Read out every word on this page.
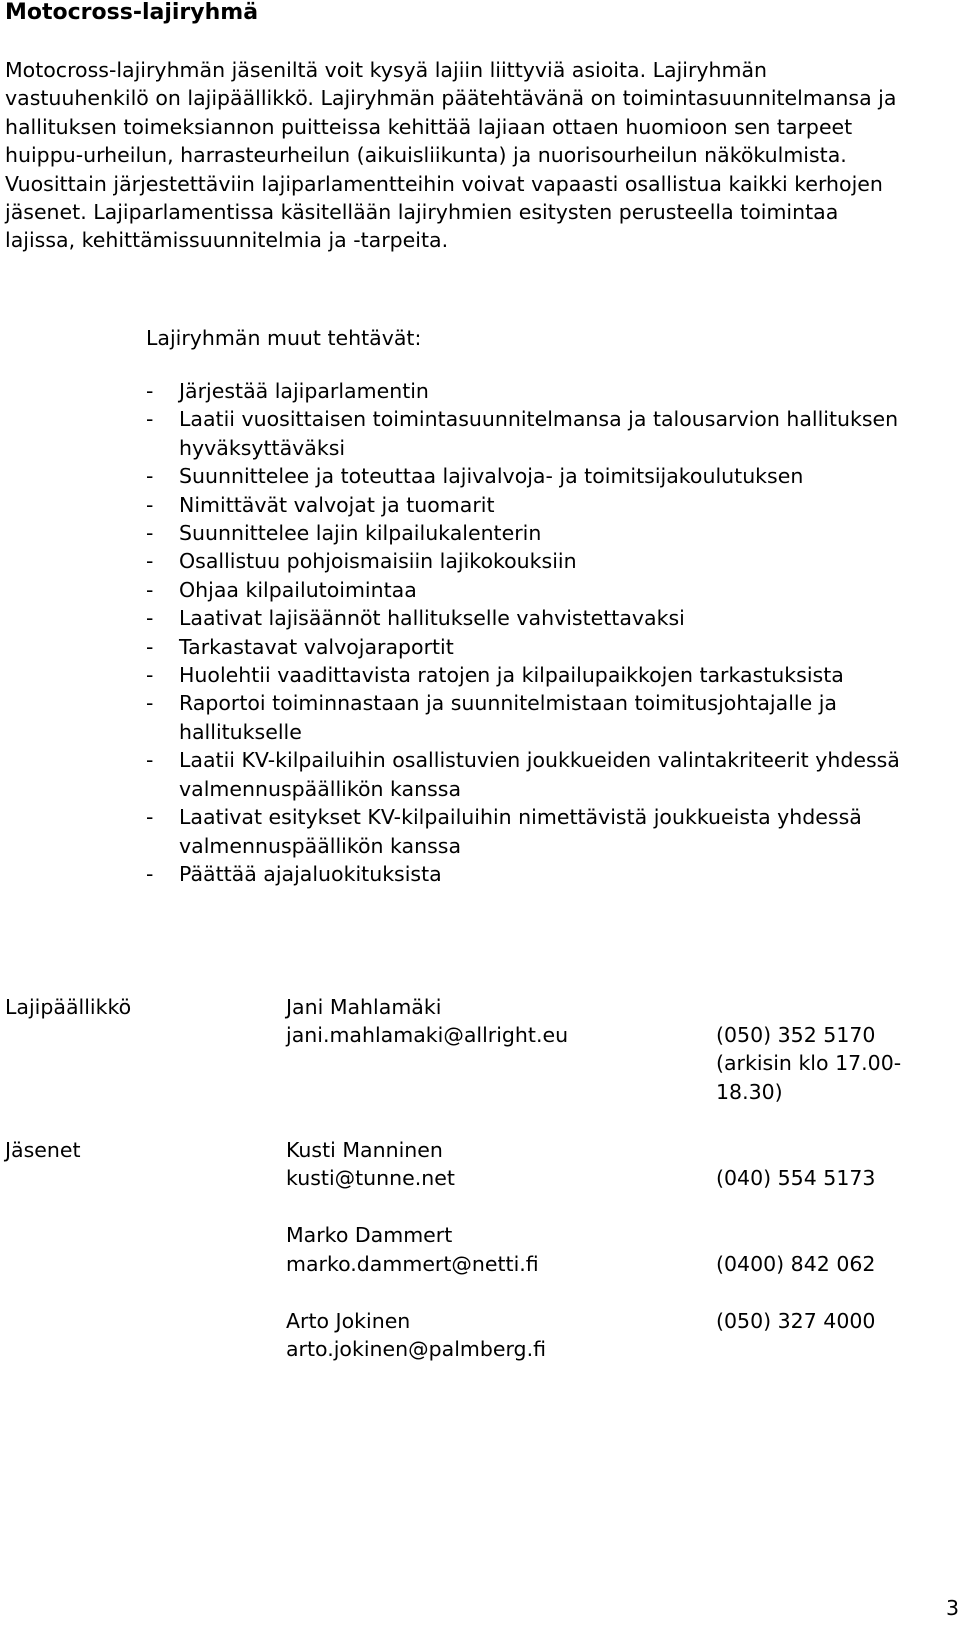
Motocross-lajiryhmä

Motocross-lajiryhmän jäseniltä voit kysyä lajiin liittyviä asioita. Lajiryhmän vastuuhenkilö on lajipäällikkö. Lajiryhmän päätehtävänä on toimintasuunnitelmansa ja hallituksen toimeksiannon puitteissa kehittää lajiaan ottaen huomioon sen tarpeet huippu-urheilun, harrasteurheilun (aikuisliikunta) ja nuorisourheilun näkökulmista. Vuosittain järjestettäviin lajiparlamentteihin voivat vapaasti osallistua kaikki kerhojen jäsenet. Lajiparlamentissa käsitellään lajiryhmien esitysten perusteella toimintaa lajissa, kehittämissuunnitelmia ja -tarpeita.

Lajiryhmän muut tehtävät:

- Järjestää lajiparlamentin
- Laatii vuosittaisen toimintasuunnitelmansa ja talousarvion hallituksen hyväksyttäväksi
- Suunnittelee ja toteuttaa lajivalvoja- ja toimitsijakoulutuksen
- Nimittävät valvojat ja tuomarit
- Suunnittelee lajin kilpailukalenterin
- Osallistuu pohjoismaisiin lajikokouksiin
- Ohjaa kilpailutoimintaa
- Laativat lajisäännöt hallitukselle vahvistettavaksi
- Tarkastavat valvojaraportit
- Huolehtii vaadittavista ratojen ja kilpailupaikkojen tarkastuksista
- Raportoi toiminnastaan ja suunnitelmistaan toimitusjohtajalle ja hallitukselle
- Laatii KV-kilpailuihin osallistuvien joukkueiden valintakriteerit yhdessä valmennuspäällikön kanssa
- Laativat esitykset KV-kilpailuihin nimettävistä joukkueista yhdessä valmennuspäällikön kanssa
- Päättää ajajaluokituksista
Lajipäällikkö	Jani Mahlamäki
jani.mahlamaki@allright.eu	(050) 352 5170 (arkisin klo 17.00-18.30)
Jäsenet	Kusti Manninen
kusti@tunne.net	(040) 554 5173
Marko Dammert
marko.dammert@netti.fi	(0400) 842 062
Arto Jokinen	(050) 327 4000
arto.jokinen@palmberg.fi
3
